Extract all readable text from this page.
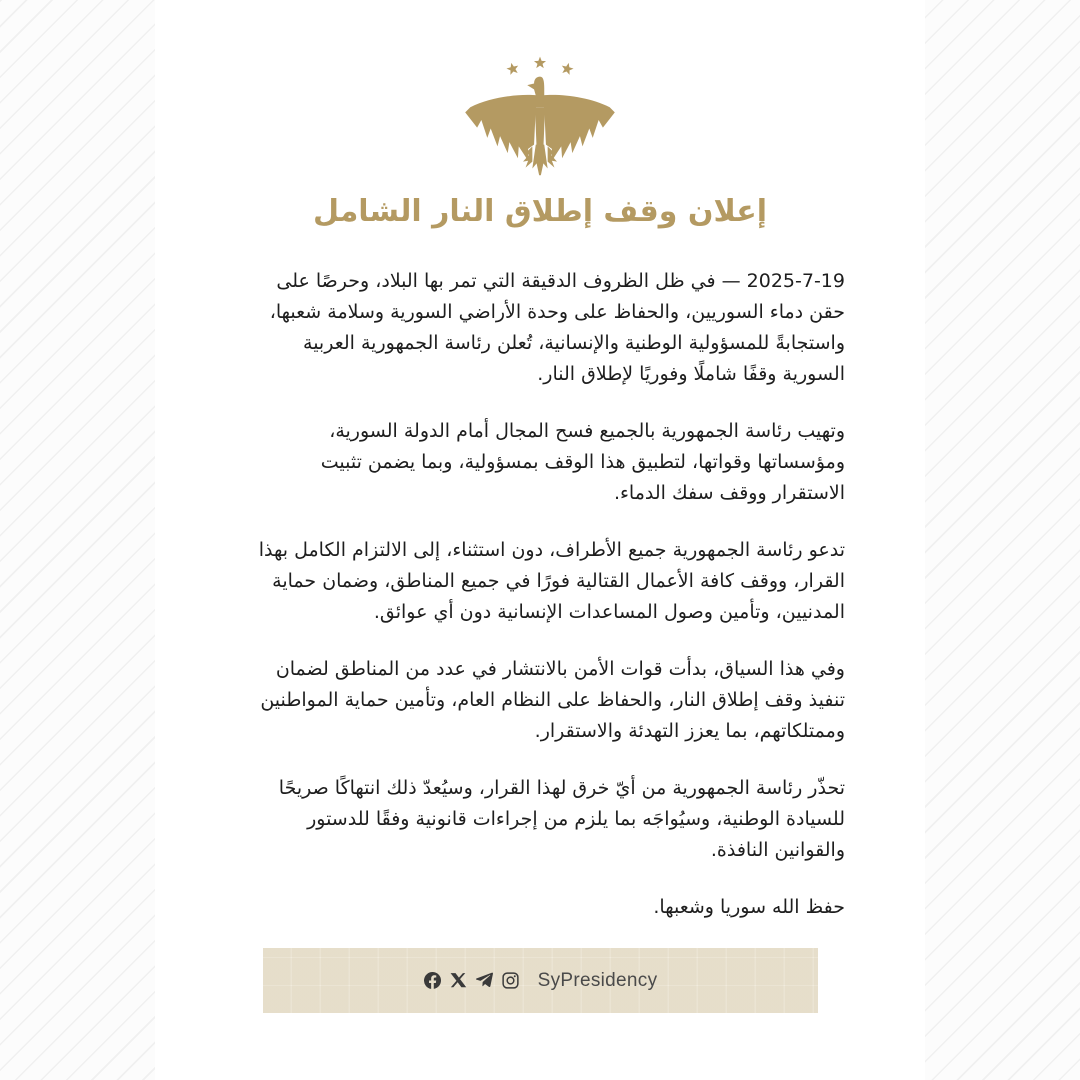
إعلان وقف إطلاق النار الشامل

2025-7-19 — في ظل الظروف الدقيقة التي تمر بها البلاد، وحرصًا على حقن دماء السوريين، والحفاظ على وحدة الأراضي السورية وسلامة شعبها، واستجابةً للمسؤولية الوطنية والإنسانية، تُعلن رئاسة الجمهورية العربية السورية وقفًا شاملًا وفوريًا لإطلاق النار.

وتهيب رئاسة الجمهورية بالجميع فسح المجال أمام الدولة السورية، ومؤسساتها وقواتها، لتطبيق هذا الوقف بمسؤولية، وبما يضمن تثبيت الاستقرار ووقف سفك الدماء.

تدعو رئاسة الجمهورية جميع الأطراف، دون استثناء، إلى الالتزام الكامل بهذا القرار، ووقف كافة الأعمال القتالية فورًا في جميع المناطق، وضمان حماية المدنيين، وتأمين وصول المساعدات الإنسانية دون أي عوائق.

وفي هذا السياق، بدأت قوات الأمن بالانتشار في عدد من المناطق لضمان تنفيذ وقف إطلاق النار، والحفاظ على النظام العام، وتأمين حماية المواطنين وممتلكاتهم، بما يعزز التهدئة والاستقرار.

تحذّر رئاسة الجمهورية من أيّ خرق لهذا القرار، وسيُعدّ ذلك انتهاكًا صريحًا للسيادة الوطنية، وسيُواجَه بما يلزم من إجراءات قانونية وفقًا للدستور والقوانين النافذة.

حفظ الله سوريا وشعبها.

SyPresidency
